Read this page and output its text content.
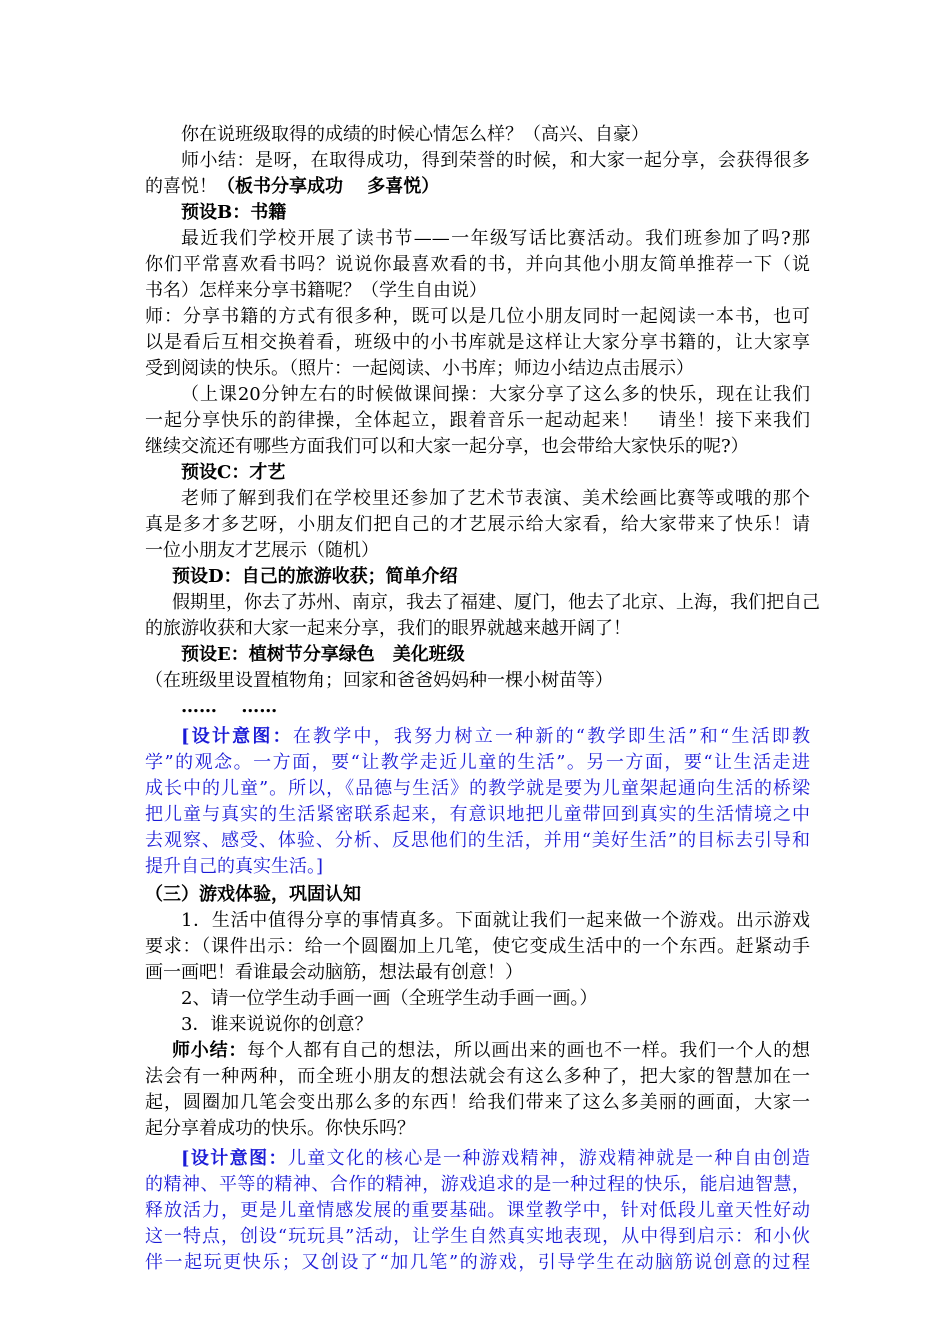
你在说班级取得的成绩的时候心情怎么样？（高兴、自豪）
师小结：是呀，在取得成功，得到荣誉的时候，和大家一起分享，会获得很多
的喜悦！（板书分享成功　 多喜悦）
预设B：书籍
最近我们学校开展了读书节——一年级写话比赛活动。我们班参加了吗?那
你们平常喜欢看书吗？说说你最喜欢看的书，并向其他小朋友简单推荐一下（说
书名）怎样来分享书籍呢？（学生自由说）
师：分享书籍的方式有很多种，既可以是几位小朋友同时一起阅读一本书，也可
以是看后互相交换着看，班级中的小书库就是这样让大家分享书籍的，让大家享
受到阅读的快乐。（照片：一起阅读、小书库；师边小结边点击展示）
（上课20分钟左右的时候做课间操：大家分享了这么多的快乐，现在让我们
一起分享快乐的韵律操，全体起立，跟着音乐一起动起来！　请坐！接下来我们
继续交流还有哪些方面我们可以和大家一起分享，也会带给大家快乐的呢?）
预设C：才艺
老师了解到我们在学校里还参加了艺术节表演、美术绘画比赛等或哦的那个
真是多才多艺呀，小朋友们把自己的才艺展示给大家看，给大家带来了快乐！请
一位小朋友才艺展示（随机）
预设D：自己的旅游收获；简单介绍
假期里，你去了苏州、南京，我去了福建、厦门，他去了北京、上海，我们把自己
的旅游收获和大家一起来分享，我们的眼界就越来越开阔了！
预设E：植树节分享绿色　美化班级
（在班级里设置植物角；回家和爸爸妈妈种一棵小树苗等）
……　 ……
[设计意图：在教学中，我努力树立一种新的“教学即生活”和“生活即教
学”的观念。一方面，要“让教学走近儿童的生活”。另一方面，要“让生活走进
成长中的儿童”。所以，《品德与生活》的教学就是要为儿童架起通向生活的桥梁
把儿童与真实的生活紧密联系起来，有意识地把儿童带回到真实的生活情境之中
去观察、感受、体验、分析、反思他们的生活，并用“美好生活”的目标去引导和
提升自己的真实生活。]
（三）游戏体验，巩固认知
1．生活中值得分享的事情真多。下面就让我们一起来做一个游戏。出示游戏
要求：（课件出示：给一个圆圈加上几笔，使它变成生活中的一个东西。赶紧动手
画一画吧！看谁最会动脑筋，想法最有创意！）
2、请一位学生动手画一画（全班学生动手画一画。）
3．谁来说说你的创意？
师小结：每个人都有自己的想法，所以画出来的画也不一样。我们一个人的想
法会有一种两种，而全班小朋友的想法就会有这么多种了，把大家的智慧加在一
起，圆圈加几笔会变出那么多的东西！给我们带来了这么多美丽的画面，大家一
起分享着成功的快乐。你快乐吗？
[设计意图：儿童文化的核心是一种游戏精神，游戏精神就是一种自由创造
的精神、平等的精神、合作的精神，游戏追求的是一种过程的快乐，能启迪智慧，
释放活力，更是儿童情感发展的重要基础。课堂教学中，针对低段儿童天性好动
这一特点，创设“玩玩具”活动，让学生自然真实地表现，从中得到启示：和小伙
伴一起玩更快乐；又创设了“加几笔”的游戏，引导学生在动脑筋说创意的过程
